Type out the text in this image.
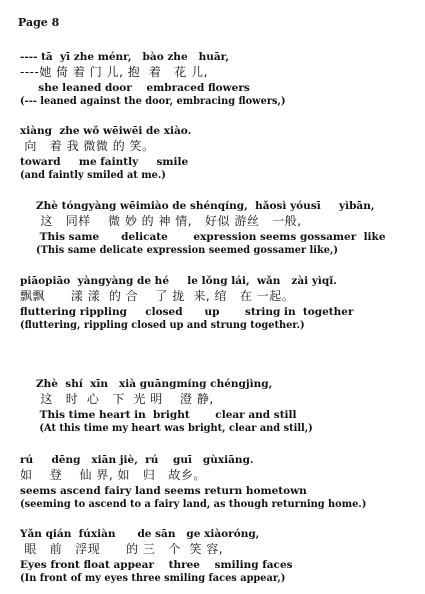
Page 8
---- tā  yī zhe ménr,   bào zhe   huār,
----她 倚 着 门 儿, 抱  着   花 儿,
she leaned door    embraced flowers
(--- leaned against the door, embracing flowers,)
xiàng  zhe wǒ wēiwēi de xiào.
向   着 我 微微 的 笑。
toward     me faintly     smile
(and faintly smiled at me.)
Zhè tóngyàng wēimiào de shénqíng,  hǎosì yóusī     yìbān,
这   同样    微 妙 的 神 情,   好似 游丝   一般,
This same      delicate       expression seems gossamer  like
(This same delicate expression seemed gossamer like,)
piāopiāo  yàngyàng de hé     le lǒng lái,  wǎn   zài yìqǐ.
飘飘      漾 漾  的 合    了 拢  来, 绾   在 一起。
fluttering rippling     closed      up       string in  together
(fluttering, rippling closed up and strung together.)
Zhè  shí  xīn   xià guāngmíng chéngjìng,
这   时  心   下  光 明    澄 静,
This time heart in  bright       clear and still
(At this time my heart was bright, clear and still,)
rú     dēng   xiān jiè,  rú    guī   gùxiāng.
如    登    仙 界, 如   归   故乡。
seems ascend fairy land seems return hometown
(seeming to ascend to a fairy land, as though returning home.)
Yǎn qián  fúxiàn      de sān   ge xiàoróng,
眼   前   浮现      的 三   个  笑 容,
Eyes front float appear    three    smiling faces
(In front of my eyes three smiling faces appear,)
